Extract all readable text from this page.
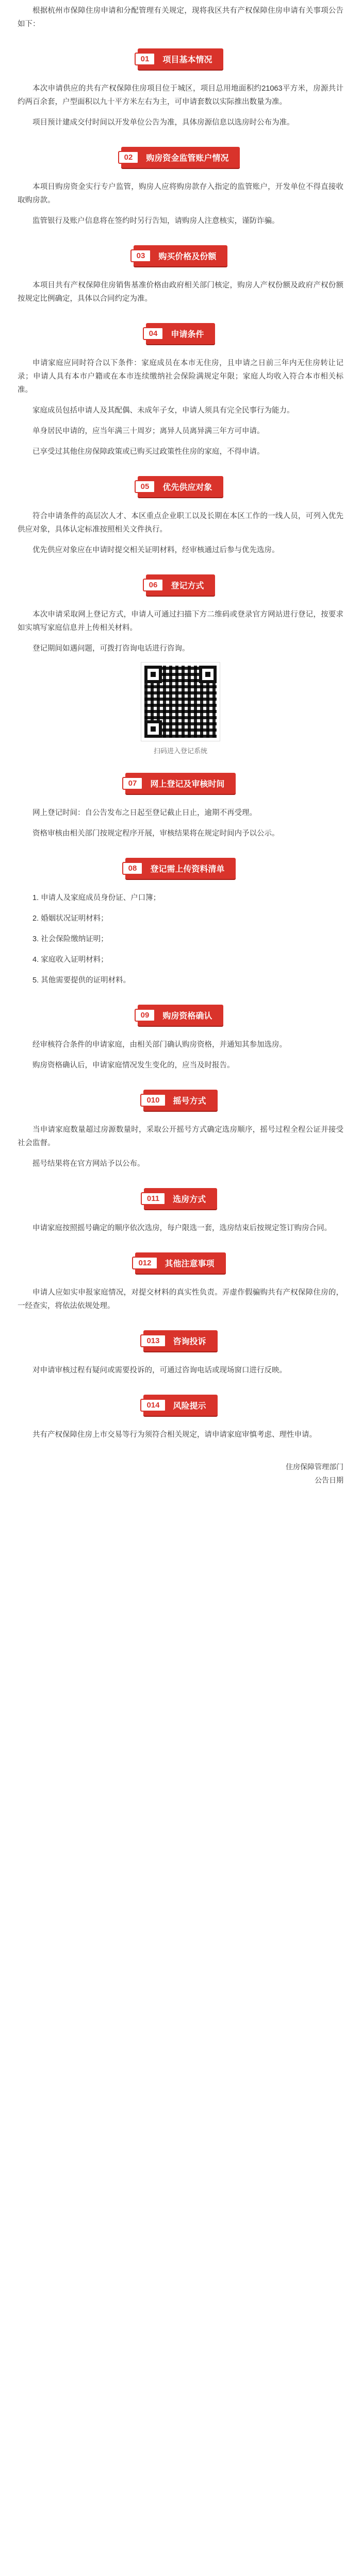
根据杭州市保障住房申请和分配管理有关规定，现将我区共有产权保障住房申请有关事项公告如下：

01	项目基本情况

本次申请供应的共有产权保障住房项目位于城区，项目总用地面积约21063平方米，房源共计约两百余套，户型面积以九十平方米左右为主，可申请套数以实际推出数量为准。

项目预计建成交付时间以开发单位公告为准，具体房源信息以选房时公布为准。

02	购房资金监管账户情况

本项目购房资金实行专户监管，购房人应将购房款存入指定的监管账户，开发单位不得直接收取购房款。

监管银行及账户信息将在签约时另行告知，请购房人注意核实，谨防诈骗。

03	购买价格及份额

本项目共有产权保障住房销售基准价格由政府相关部门核定，购房人产权份额及政府产权份额按规定比例确定，具体以合同约定为准。

04	申请条件

申请家庭应同时符合以下条件：家庭成员在本市无住房，且申请之日前三年内无住房转让记录；申请人具有本市户籍或在本市连续缴纳社会保险满规定年限；家庭人均收入符合本市相关标准。

家庭成员包括申请人及其配偶、未成年子女，申请人须具有完全民事行为能力。

单身居民申请的，应当年满三十周岁；离异人员离异满三年方可申请。

已享受过其他住房保障政策或已购买过政策性住房的家庭，不得申请。

05	优先供应对象

符合申请条件的高层次人才、本区重点企业职工以及长期在本区工作的一线人员，可列入优先供应对象，具体认定标准按照相关文件执行。

优先供应对象应在申请时提交相关证明材料，经审核通过后参与优先选房。

06	登记方式

本次申请采取网上登记方式，申请人可通过扫描下方二维码或登录官方网站进行登记，按要求如实填写家庭信息并上传相关材料。

登记期间如遇问题，可拨打咨询电话进行咨询。

扫码进入登记系统
07	网上登记及审核时间

网上登记时间：自公告发布之日起至登记截止日止，逾期不再受理。

资格审核由相关部门按规定程序开展，审核结果将在规定时间内予以公示。

08	登记需上传资料清单

1. 申请人及家庭成员身份证、户口簿；

2. 婚姻状况证明材料；

3. 社会保险缴纳证明；

4. 家庭收入证明材料；

5. 其他需要提供的证明材料。

09	购房资格确认

经审核符合条件的申请家庭，由相关部门确认购房资格，并通知其参加选房。

购房资格确认后，申请家庭情况发生变化的，应当及时报告。

010	摇号方式

当申请家庭数量超过房源数量时，采取公开摇号方式确定选房顺序，摇号过程全程公证并接受社会监督。

摇号结果将在官方网站予以公布。

011	选房方式

申请家庭按照摇号确定的顺序依次选房，每户限选一套，选房结束后按规定签订购房合同。

012	其他注意事项

申请人应如实申报家庭情况，对提交材料的真实性负责。弄虚作假骗购共有产权保障住房的，一经查实，将依法依规处理。

013	咨询投诉

对申请审核过程有疑问或需要投诉的，可通过咨询电话或现场窗口进行反映。

014	风险提示

共有产权保障住房上市交易等行为须符合相关规定，请申请家庭审慎考虑、理性申请。

住房保障管理部门
公告日期
